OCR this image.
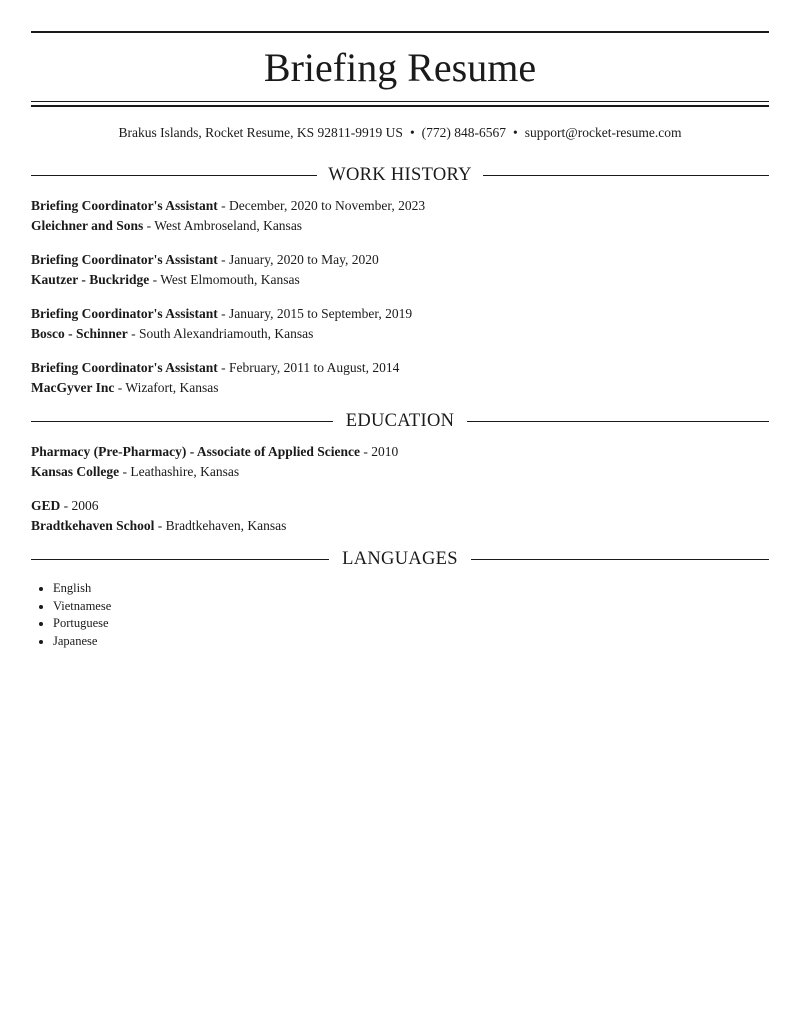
Briefing Resume
Brakus Islands, Rocket Resume, KS 92811-9919 US • (772) 848-6567 • support@rocket-resume.com
WORK HISTORY
Briefing Coordinator's Assistant - December, 2020 to November, 2023
Gleichner and Sons - West Ambroseland, Kansas
Briefing Coordinator's Assistant - January, 2020 to May, 2020
Kautzer - Buckridge - West Elmomouth, Kansas
Briefing Coordinator's Assistant - January, 2015 to September, 2019
Bosco - Schinner - South Alexandriamouth, Kansas
Briefing Coordinator's Assistant - February, 2011 to August, 2014
MacGyver Inc - Wizafort, Kansas
EDUCATION
Pharmacy (Pre-Pharmacy) - Associate of Applied Science - 2010
Kansas College - Leathashire, Kansas
GED - 2006
Bradtkehaven School - Bradtkehaven, Kansas
LANGUAGES
• English
• Vietnamese
• Portuguese
• Japanese
